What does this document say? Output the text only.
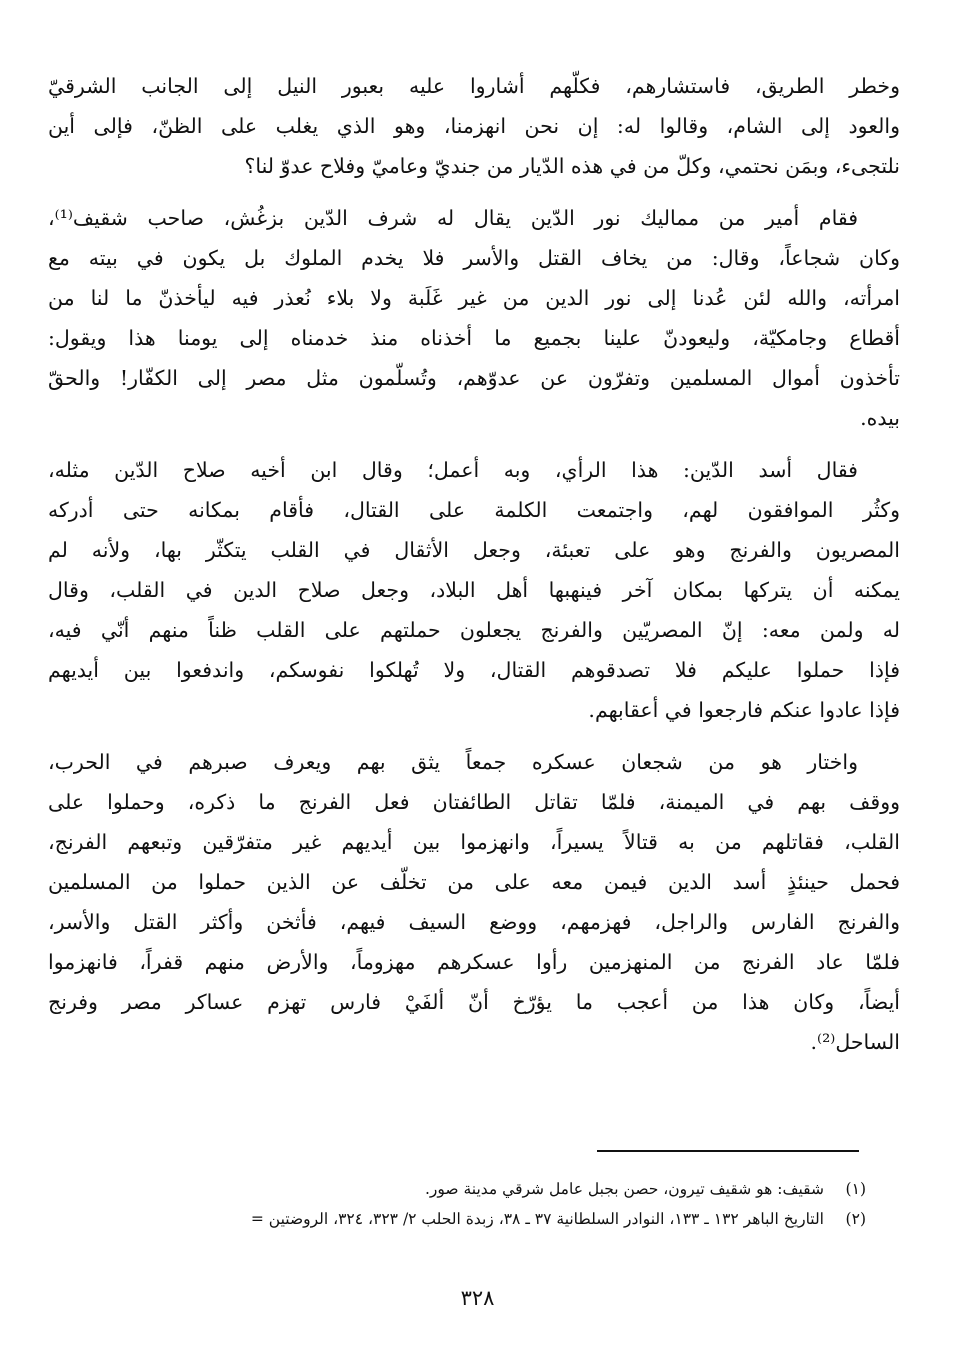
وخطر الطريق، فاستشارهم، فكلّهم أشاروا عليه بعبور النيل إلى الجانب الشرقيّ
والعود إلى الشام، وقالوا له: إن نحن انهزمنا، وهو الذي يغلب على الظنّ، فإلى أين
نلتجىء، وبمَن نحتمي، وكلّ من في هذه الدّيار من جنديّ وعاميّ وفلاح عدوّ لنا؟
فقام أمير من مماليك نور الدّين يقال له شرف الدّين بزغُش، صاحب شقيف⁽¹⁾،
وكان شجاعاً، وقال: من يخاف القتل والأسر فلا يخدم الملوك بل يكون في بيته مع
امرأته، والله لئن عُدنا إلى نور الدين من غير غَلَبة ولا بلاء نُعذر فيه ليأخذنّ ما لنا من
أقطاع وجامكيّة، وليعودنّ علينا بجميع ما أخذناه منذ خدمناه إلى يومنا هذا ويقول:
تأخذون أموال المسلمين وتفرّون عن عدوّهم، وتُسلّمون مثل مصر إلى الكفّار! والحقّ
بيده.
فقال أسد الدّين: هذا الرأي، وبه أعمل؛ وقال ابن أخيه صلاح الدّين مثله،
وكثُر الموافقون لهم، واجتمعت الكلمة على القتال، فأقام بمكانه حتى أدركه
المصريون والفرنج وهو على تعبئة، وجعل الأثقال في القلب يتكثّر بها، ولأنه لم
يمكنه أن يتركها بمكان آخر فينهبها أهل البلاد، وجعل صلاح الدين في القلب، وقال
له ولمن معه: إنّ المصريّين والفرنج يجعلون حملتهم على القلب ظناً منهم أنّي فيه،
فإذا حملوا عليكم فلا تصدقوهم القتال، ولا تُهلكوا نفوسكم، واندفعوا بين أيديهم
فإذا عادوا عنكم فارجعوا في أعقابهم.
واختار هو من شجعان عسكره جمعاً يثق بهم ويعرف صبرهم في الحرب،
ووقف بهم في الميمنة، فلمّا تقاتل الطائفتان فعل الفرنج ما ذكره، وحملوا على
القلب، فقاتلهم من به قتالاً يسيراً، وانهزموا بين أيديهم غير متفرّقين وتبعهم الفرنج،
فحمل حينئذٍ أسد الدين فيمن معه على من تخلّف عن الذين حملوا من المسلمين
والفرنج الفارس والراجل، فهزمهم، ووضع السيف فيهم، فأثخن وأكثر القتل والأسر،
فلمّا عاد الفرنج من المنهزمين رأوا عسكرهم مهزوماً، والأرض منهم قفراً، فانهزموا
أيضاً، وكان هذا من أعجب ما يؤرّخ أنّ ألفَيْ فارس تهزم عساكر مصر وفرنج
الساحل⁽²⁾.
(١)
شقيف: هو شقيف تيرون، حصن بجبل عامل شرقي مدينة صور.
(٢)
التاريخ الباهر ١٣٢ ـ ١٣٣، النوادر السلطانية ٣٧ ـ ٣٨، زبدة الحلب ٢/ ٣٢٣، ٣٢٤، الروضتين =
٣٢٨
